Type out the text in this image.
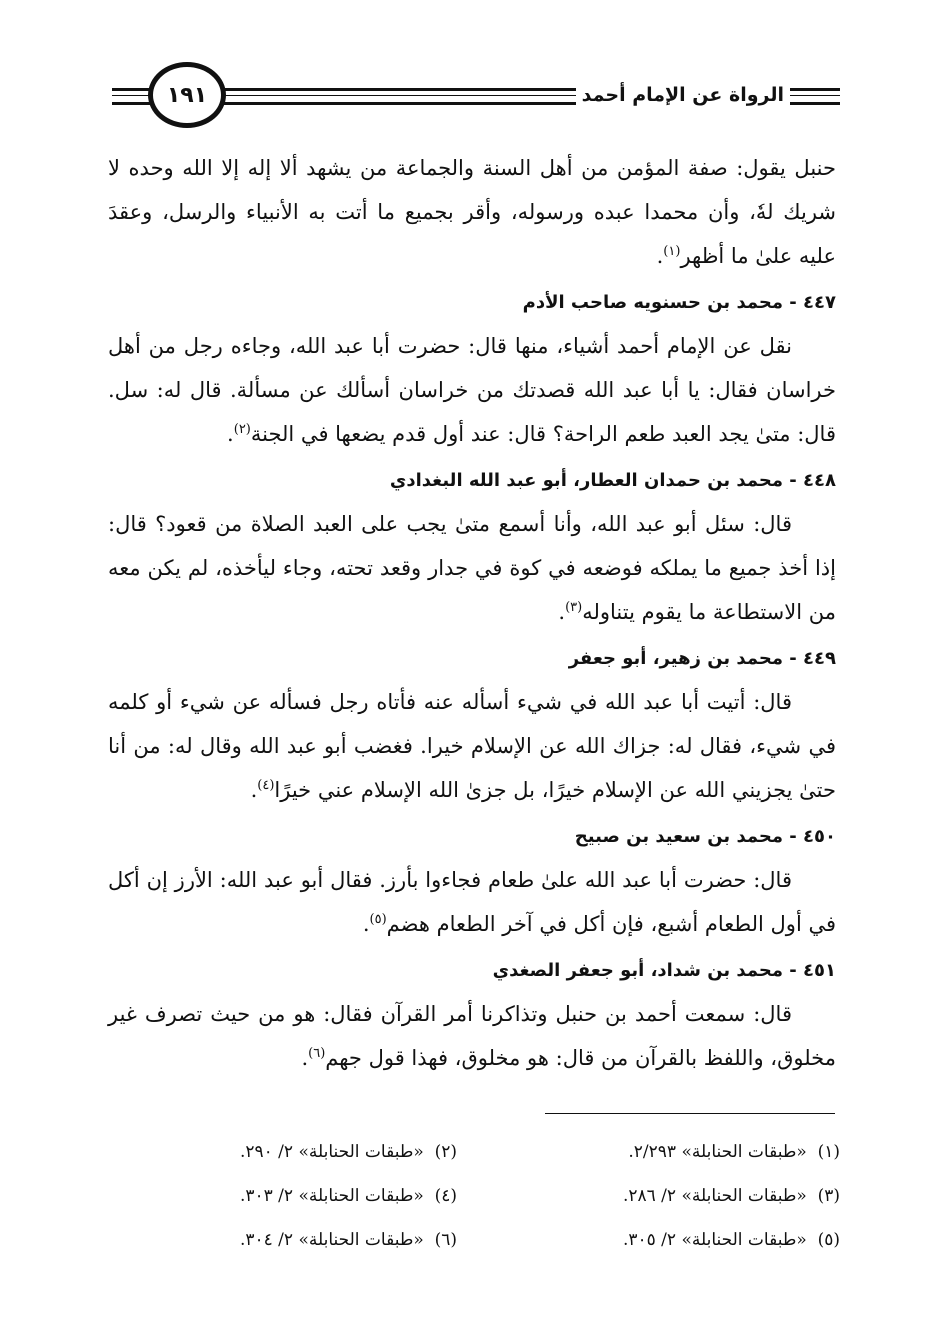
الرواة عن الإمام أحمد
١٩١

حنبل يقول: صفة المؤمن من أهل السنة والجماعة من يشهد ألا إله إلا الله وحده لا شريك لهٗ، وأن محمدا عبده ورسوله، وأقر بجميع ما أتت به الأنبياء والرسل، وعقدَ عليه علىٰ ما أظهر$^{(١)}$.

٤٤٧ - محمد بن حسنويه صاحب الأدم

نقل عن الإمام أحمد أشياء، منها قال: حضرت أبا عبد الله، وجاءه رجل من أهل خراسان فقال: يا أبا عبد الله قصدتك من خراسان أسألك عن مسألة. قال له: سل. قال: متىٰ يجد العبد طعم الراحة؟ قال: عند أول قدم يضعها في الجنة$^{(٢)}$.

٤٤٨ - محمد بن حمدان العطار، أبو عبد الله البغدادي

قال: سئل أبو عبد الله، وأنا أسمع متىٰ يجب على العبد الصلاة من قعود؟ قال: إذا أخذ جميع ما يملكه فوضعه في كوة في جدار وقعد تحته، وجاء ليأخذه، لم يكن معه من الاستطاعة ما يقوم يتناوله$^{(٣)}$.

٤٤٩ - محمد بن زهير، أبو جعفر

قال: أتيت أبا عبد الله في شيء أسأله عنه فأتاه رجل فسأله عن شيء أو كلمه في شيء، فقال له: جزاك الله عن الإسلام خيرا. فغضب أبو عبد الله وقال له: من أنا حتىٰ يجزيني الله عن الإسلام خيرًا، بل جزىٰ الله الإسلام عني خيرًا$^{(٤)}$.

٤٥٠ - محمد بن سعيد بن صبيح

قال: حضرت أبا عبد الله علىٰ طعام فجاءوا بأرز. فقال أبو عبد الله: الأرز إن أكل في أول الطعام أشبع، فإن أكل في آخر الطعام هضم$^{(٥)}$.

٤٥١ - محمد بن شداد، أبو جعفر الصغدي

قال: سمعت أحمد بن حنبل وتذاكرنا أمر القرآن فقال: هو من حيث تصرف غير مخلوق، واللفظ بالقرآن من قال: هو مخلوق، فهذا قول جهم$^{(٦)}$.

(١)  «طبقات الحنابلة» ٢/٢٩٣.
(٢)  «طبقات الحنابلة» ٢/ ٢٩٠.
(٣)  «طبقات الحنابلة» ٢/ ٢٨٦.
(٤)  «طبقات الحنابلة» ٢/ ٣٠٣.
(٥)  «طبقات الحنابلة» ٢/ ٣٠٥.
(٦)  «طبقات الحنابلة» ٢/ ٣٠٤.
